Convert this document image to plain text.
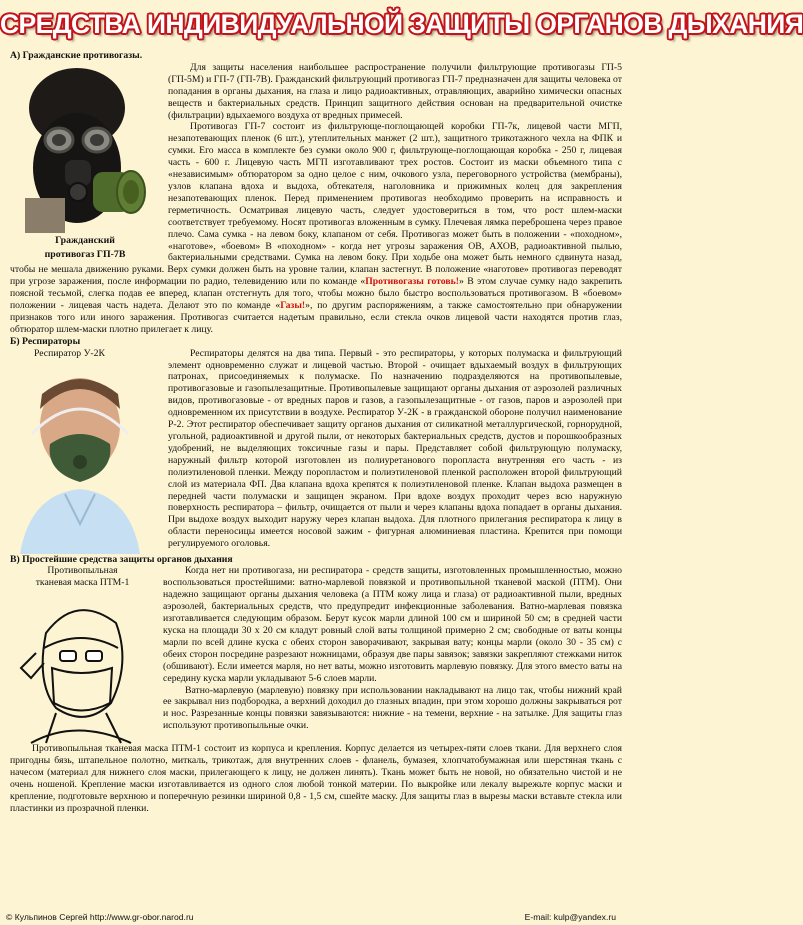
СРЕДСТВА ИНДИВИДУАЛЬНОЙ ЗАЩИТЫ ОРГАНОВ ДЫХАНИЯ

А) Гражданские противогазы.

Гражданский
противогаз ГП-7В

Для защиты населения наибольшее распространение получили фильтрующие противогазы ГП-5 (ГП-5М) и ГП-7 (ГП-7В). Гражданский фильтрующий противогаз ГП-7 предназначен для защиты человека от попадания в органы дыхания, на глаза и лицо радиоактивных, отравляющих, аварийно химически опасных веществ и бактериальных средств. Принцип защитного действия основан на предварительной очистке (фильтрации) вдыхаемого воздуха от вредных примесей.

Противогаз ГП-7 состоит из фильтрующе-поглощающей коробки ГП-7к, лицевой части МГП, незапотевающих пленок (6 шт.), утеплительных манжет (2 шт.), защитного трикотажного чехла на ФПК и сумки. Его масса в комплекте без сумки около 900 г, фильтрующе-поглощающая коробка - 250 г, лицевая часть - 600 г. Лицевую часть МГП изготавливают трех ростов. Состоит из маски объемного типа с «независимым» обтюратором за одно целое с ним, очкового узла, переговорного устройства (мембраны), узлов клапана вдоха и выдоха, обтекателя, наголовника и прижимных колец для закрепления незапотевающих пленок. Перед применением противогаз необходимо проверить на исправность и герметичность. Осматривая лицевую часть, следует удостовериться в том, что рост шлем-маски соответствует требуемому. Носят противогаз вложенным в сумку. Плечевая лямка переброшена через правое плечо. Сама сумка - на левом боку, клапаном от себя. Противогаз может быть в положении - «походном», «наготове», «боевом» В «походном» - когда нет угрозы заражения ОВ, АХОВ, радиоактивной пылью, бактериальными средствами. Сумка на левом боку. При ходьбе она может быть немного сдвинута назад, чтобы не мешала движению руками. Верх сумки должен быть на уровне талии, клапан застегнут. В положение «наготове» противогаз переводят при угрозе заражения, после информации по радио, телевидению или по команде «Противогазы готовь!» В этом случае сумку надо закрепить поясной тесьмой, слегка подав ее вперед, клапан отстегнуть для того, чтобы можно было быстро воспользоваться противогазом. В «боевом» положении - лицевая часть надета. Делают это по команде «Газы!», по другим распоряжениям, а также самостоятельно при обнаружении признаков того или иного заражения. Противогаз считается надетым правильно, если стекла очков лицевой части находятся против глаз, обтюратор шлем-маски плотно прилегает к лицу.

Б) Респираторы

Респиратор У-2К	Респираторы делятся на два типа. Первый - это респираторы, у которых полумаска и фильтрующий элемент одновременно служат и лицевой частью. Второй - очищает вдыхаемый воздух в фильтрующих патронах, присоединяемых к полумаске. По назначению подразделяются на противопылевые, противогазовые и газопылезащитные. Противопылевые защищают органы дыхания от аэрозолей различных видов, противогазовые - от вредных паров и газов, а газопылезащитные - от газов, паров и аэрозолей при одновременном их присутствии в воздухе. Респиратор У-2К - в гражданской обороне получил наименование Р-2. Этот респиратор обеспечивает защиту органов дыхания от силикатной металлургической, горнорудной, угольной, радиоактивной и другой пыли, от некоторых бактериальных средств, дустов и порошкообразных удобрений, не выделяющих токсичные газы и пары. Представляет собой фильтрующую полумаску, наружный фильтр которой изготовлен из полиуретанового поропласта внутренняя его часть - из полиэтиленовой пленки. Между поропластом и полиэтиленовой пленкой расположен второй фильтрующий слой из материала ФП. Два клапана вдоха крепятся к полиэтиленовой пленке. Клапан выдоха размещен в передней части полумаски и защищен экраном. При вдохе воздух проходит через всю наружную поверхность респиратора – фильтр, очищается от пыли и через клапаны вдоха попадает в органы дыхания. При выдохе воздух выходит наружу через клапан выдоха. Для плотного прилегания респиратора к лицу в области переносицы имеется носовой зажим - фигурная алюминиевая пластина. Крепится при помощи регулируемого оголовья.

В) Простейшие средства защиты органов дыхания

Противопыльная
тканевая маска ПТМ-1

Когда нет ни противогаза, ни респиратора - средств защиты, изготовленных промышленностью, можно воспользоваться простейшими: ватно-марлевой повязкой и противопыльной тканевой маской (ПТМ). Они надежно защищают органы дыхания человека (а ПТМ кожу лица и глаза) от радиоактивной пыли, вредных аэрозолей, бактериальных средств, что предупредит инфекционные заболевания. Ватно-марлевая повязка изготавливается следующим образом. Берут кусок марли длиной 100 см и шириной 50 см; в средней части куска на площади 30 х 20 см кладут ровный слой ваты толщиной примерно 2 см; свободные от ваты концы марли по всей длине куска с обеих сторон заворачивают, закрывая вату; концы марли (около 30 - 35 см) с обеих сторон посредине разрезают ножницами, образуя две пары завязок; завязки закрепляют стежками ниток (обшивают). Если имеется марля, но нет ваты, можно изготовить марлевую повязку. Для этого вместо ваты на середину куска марли укладывают 5-6 слоев марли.

Ватно-марлевую (марлевую) повязку при использовании накладывают на лицо так, чтобы нижний край ее закрывал низ подбородка, а верхний доходил до глазных впадин, при этом хорошо должны закрываться рот и нос. Разрезанные концы повязки завязываются: нижние - на темени, верхние - на затылке. Для защиты глаз используют противопыльные очки.

Противопыльная тканевая маска ПТМ-1 состоит из корпуса и крепления. Корпус делается из четырех-пяти слоев ткани. Для верхнего слоя пригодны бязь, штапельное полотно, миткаль, трикотаж, для внутренних слоев - фланель, бумазея, хлопчатобумажная или шерстяная ткань с начесом (материал для нижнего слоя маски, прилегающего к лицу, не должен линять). Ткань может быть не новой, но обязательно чистой и не очень ношеной. Крепление маски изготавливается из одного слоя любой тонкой материи. По выкройке или лекалу вырежьте корпус маски и крепление, подготовьте верхнюю и поперечную резинки шириной 0,8 - 1,5 см, сшейте маску. Для защиты глаз в вырезы маски вставьте стекла или пластинки из прозрачной пленки.

© Кульпинов Сергей http://www.gr-obor.narod.ru	E-mail: kulp@yandex.ru
